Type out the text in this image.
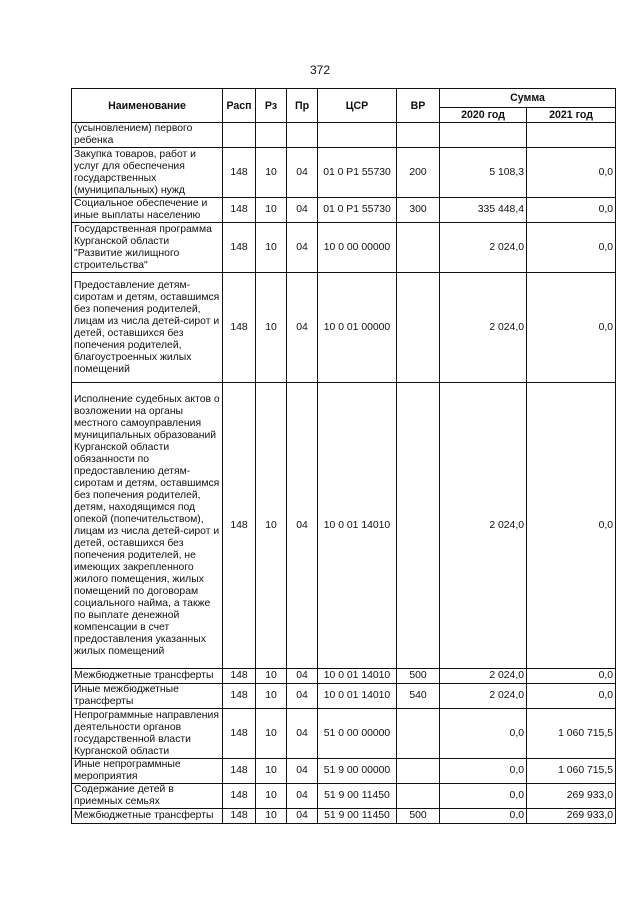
372
Наименование	Расп	Рз	Пр	ЦСР	ВР	Сумма	
						2020 год	2021 год
(усыновлением) первого ребенка							
Закупка товаров, работ и услуг для обеспечения государственных (муниципальных) нужд	148	10	04	01 0 P1 55730	200	5 108,3	0,0
Социальное обеспечение и иные выплаты населению	148	10	04	01 0 P1 55730	300	335 448,4	0,0
Государственная программа Курганской области "Развитие жилищного строительства"	148	10	04	10 0 00 00000		2 024,0	0,0
Предоставление детям-сиротам и детям, оставшимся без попечения родителей, лицам из числа детей-сирот и детей, оставшихся без попечения родителей, благоустроенных жилых помещений	148	10	04	10 0 01 00000		2 024,0	0,0
Исполнение судебных актов о возложении на органы местного самоуправления муниципальных образований Курганской области обязанности по предоставлению детям-сиротам и детям, оставшимся без попечения родителей, детям, находящимся под опекой (попечительством), лицам из числа детей-сирот и детей, оставшихся без попечения родителей, не имеющих закрепленного жилого помещения, жилых помещений по договорам социального найма, а также по выплате денежной компенсации в счет предоставления указанных жилых помещений	148	10	04	10 0 01 14010		2 024,0	0,0
Межбюджетные трансферты	148	10	04	10 0 01 14010	500	2 024,0	0,0
Иные межбюджетные трансферты	148	10	04	10 0 01 14010	540	2 024,0	0,0
Непрограммные направления деятельности органов государственной власти Курганской области	148	10	04	51 0 00 00000		0,0	1 060 715,5
Иные непрограммные мероприятия	148	10	04	51 9 00 00000		0,0	1 060 715,5
Содержание детей в приемных семьях	148	10	04	51 9 00 11450		0,0	269 933,0
Межбюджетные трансферты	148	10	04	51 9 00 11450	500	0,0	269 933,0
